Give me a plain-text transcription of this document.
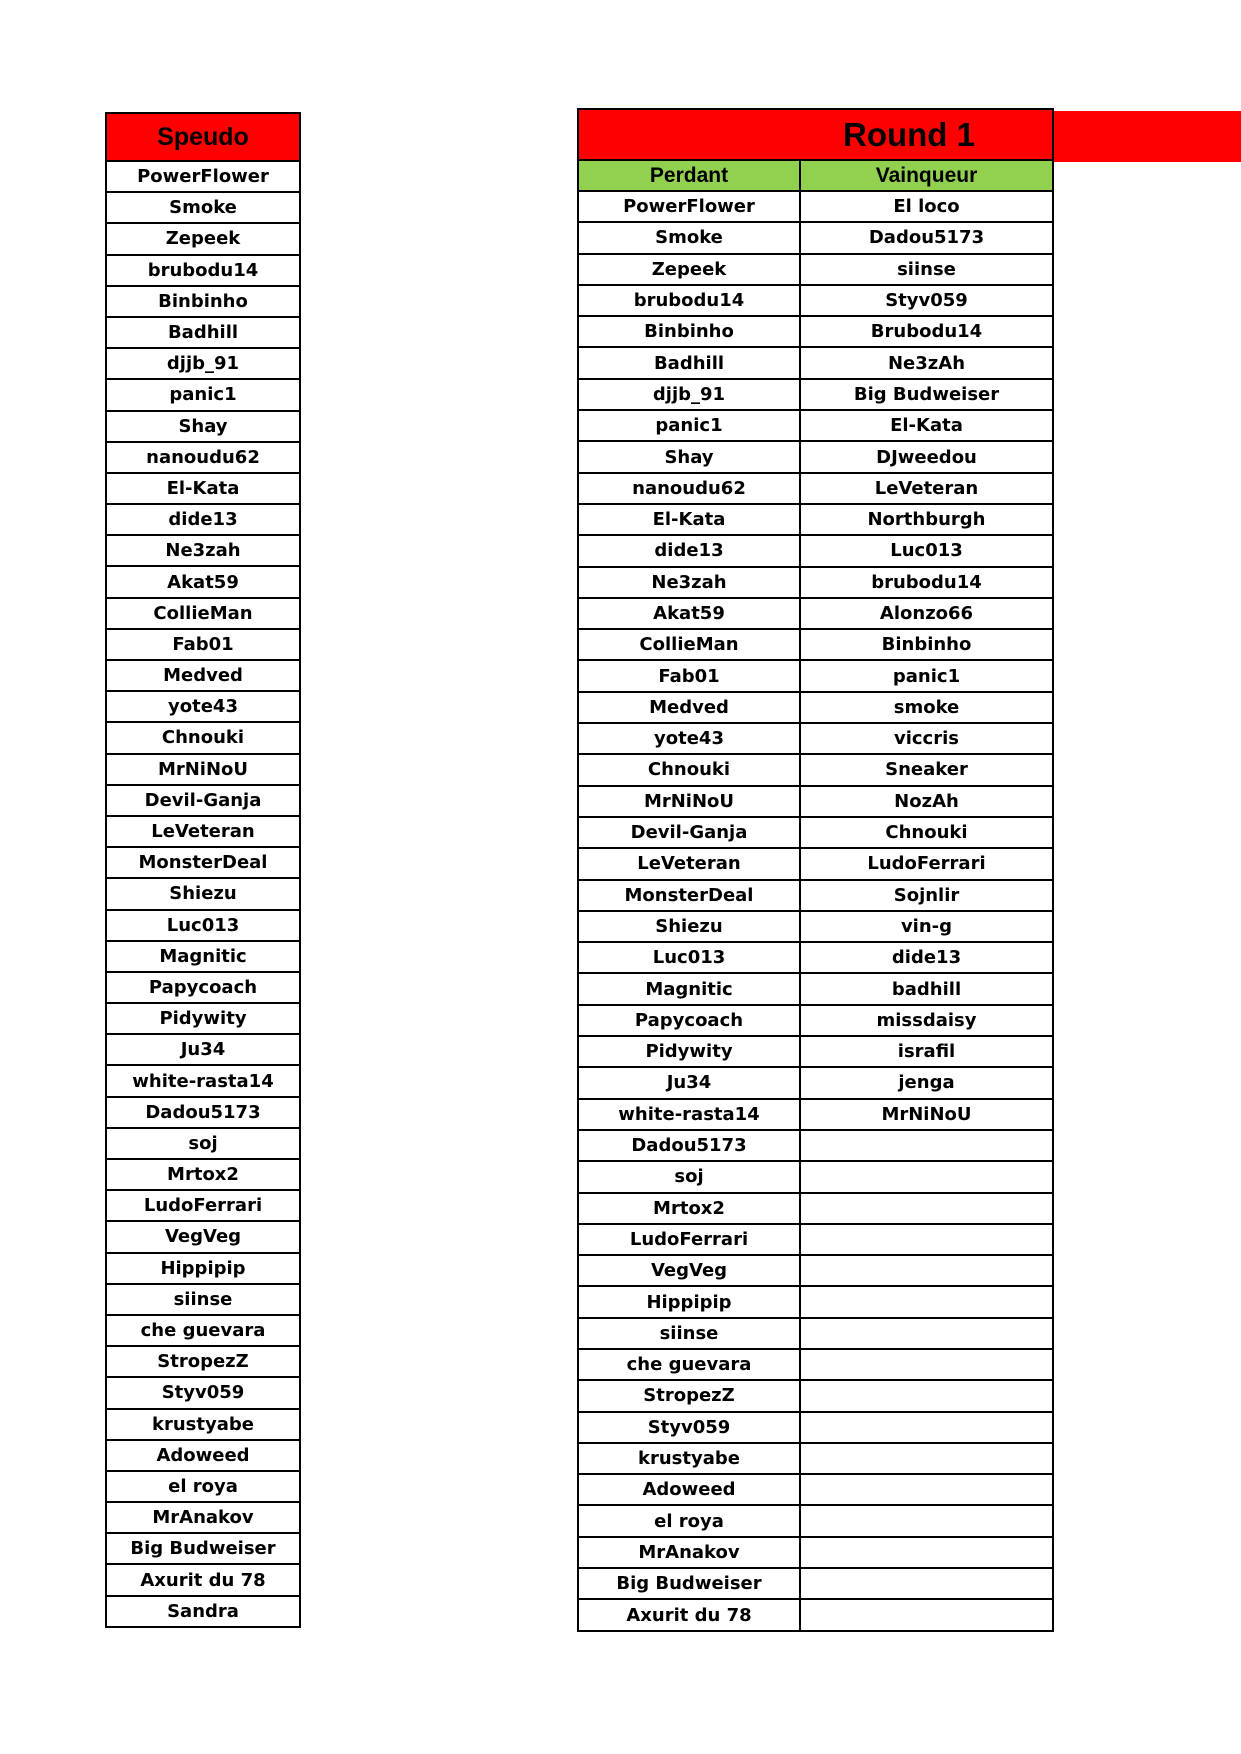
Speudo
PowerFlower
Smoke
Zepeek
brubodu14
Binbinho
Badhill
djjb_91
panic1
Shay
nanoudu62
El-Kata
dide13
Ne3zah
Akat59
CollieMan
Fab01
Medved
yote43
Chnouki
MrNiNoU
Devil-Ganja
LeVeteran
MonsterDeal
Shiezu
Luc013
Magnitic
Papycoach
Pidywity
Ju34
white-rasta14
Dadou5173
soj
Mrtox2
LudoFerrari
VegVeg
Hippipip
siinse
che guevara
StropezZ
Styv059
krustyabe
Adoweed
el roya
MrAnakov
Big Budweiser
Axurit du 78
Sandra
Perdant	Vainqueur
PowerFlower	El loco
Smoke	Dadou5173
Zepeek	siinse
brubodu14	Styv059
Binbinho	Brubodu14
Badhill	Ne3zAh
djjb_91	Big Budweiser
panic1	El-Kata
Shay	DJweedou
nanoudu62	LeVeteran
El-Kata	Northburgh
dide13	Luc013
Ne3zah	brubodu14
Akat59	Alonzo66
CollieMan	Binbinho
Fab01	panic1
Medved	smoke
yote43	viccris
Chnouki	Sneaker
MrNiNoU	NozAh
Devil-Ganja	Chnouki
LeVeteran	LudoFerrari
MonsterDeal	Sojnlir
Shiezu	vin-g
Luc013	dide13
Magnitic	badhill
Papycoach	missdaisy
Pidywity	israfil
Ju34	jenga
white-rasta14	MrNiNoU
Dadou5173
soj
Mrtox2
LudoFerrari
VegVeg
Hippipip
siinse
che guevara
StropezZ
Styv059
krustyabe
Adoweed
el roya
MrAnakov
Big Budweiser
Axurit du 78
Round 1
